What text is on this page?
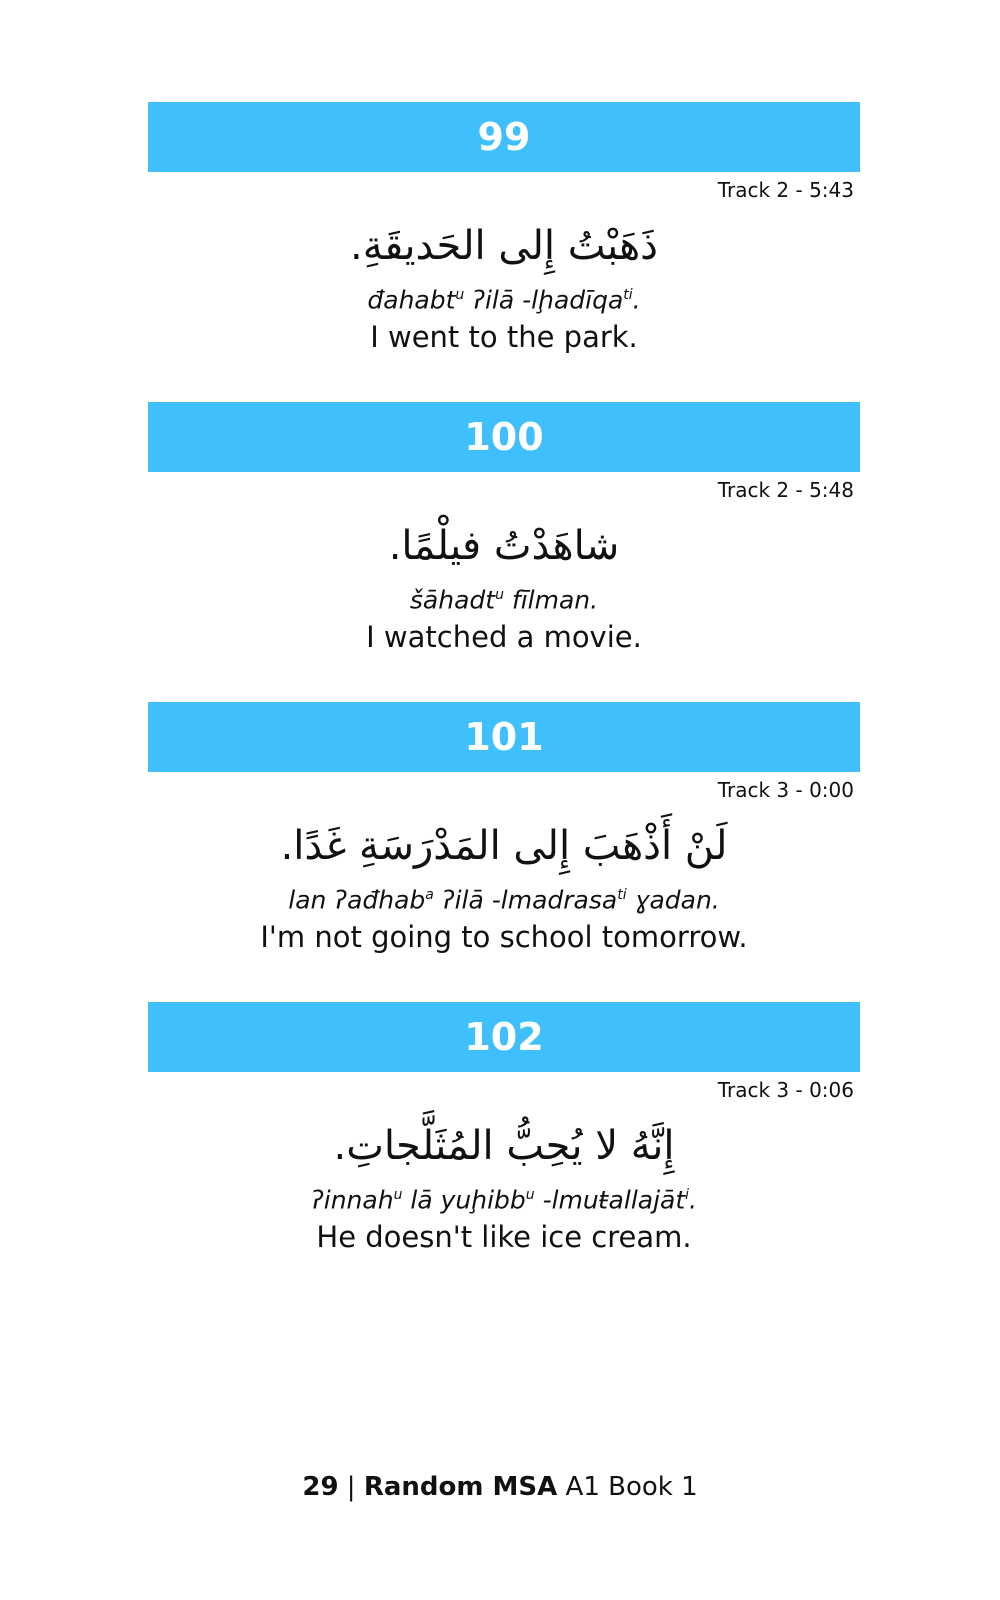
99
Track 2 - 5:43
ذَهَبْتُ إِلى الحَديقَةِ.
đahabt$^u$ ʔilā -lḩadīqa$^{ti}$.
I went to the park.
100
Track 2 - 5:48
شاهَدْتُ فيلْمًا.
šāhadt$^u$ fīlman.
I watched a movie.
101
Track 3 - 0:00
لَنْ أَذْهَبَ إِلى المَدْرَسَةِ غَدًا.
lan ʔađhab$^a$ ʔilā -lmadrasa$^{ti}$ ɣadan.
I'm not going to school tomorrow.
102
Track 3 - 0:06
إِنَّهُ لا يُحِبُّ المُثَلَّجاتِ.
ʔinnah$^u$ lā yuḩibb$^u$ -lmuŧallajāt$^i$.
He doesn't like ice cream.
29 | Random MSA A1 Book 1
